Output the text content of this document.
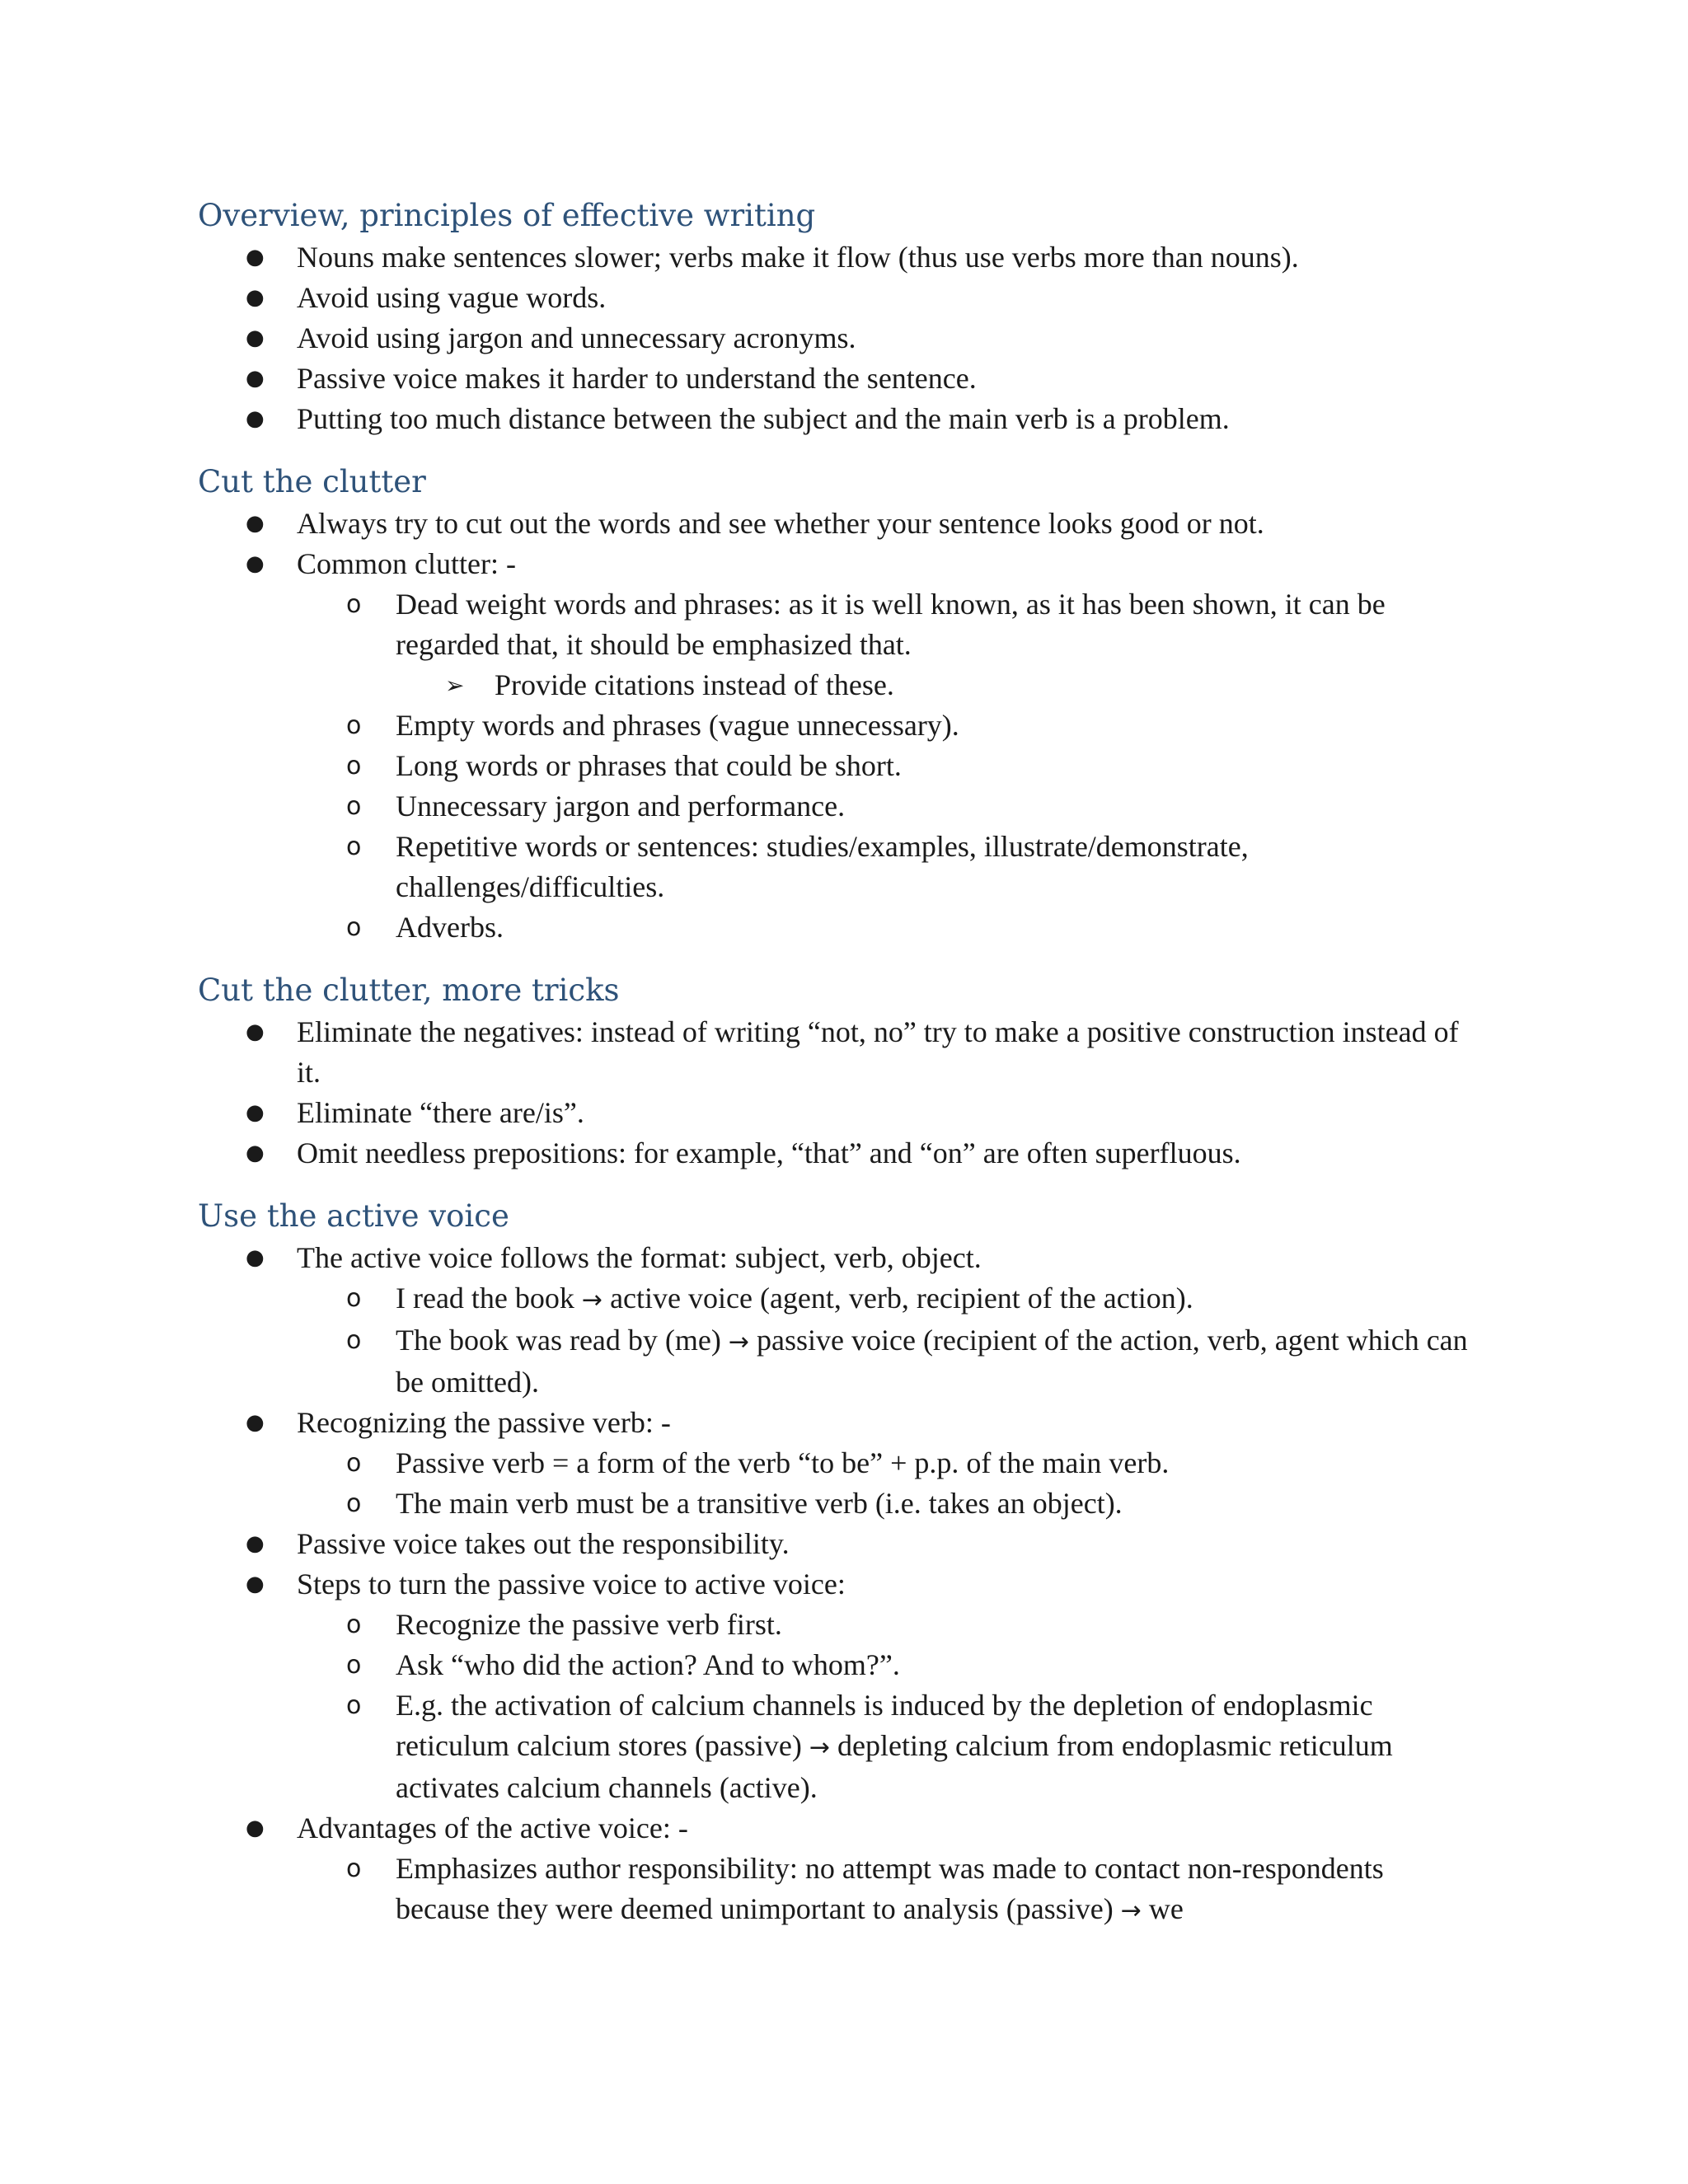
Overview, principles of effective writing
● Nouns make sentences slower; verbs make it flow (thus use verbs more than nouns).
● Avoid using vague words.
● Avoid using jargon and unnecessary acronyms.
● Passive voice makes it harder to understand the sentence.
● Putting too much distance between the subject and the main verb is a problem.
Cut the clutter
● Always try to cut out the words and see whether your sentence looks good or not.
● Common clutter: -
o Dead weight words and phrases: as it is well known, as it has been shown, it can be regarded that, it should be emphasized that.
➢ Provide citations instead of these.
o Empty words and phrases (vague unnecessary).
o Long words or phrases that could be short.
o Unnecessary jargon and performance.
o Repetitive words or sentences: studies/examples, illustrate/demonstrate, challenges/difficulties.
o Adverbs.
Cut the clutter, more tricks
● Eliminate the negatives: instead of writing “not, no” try to make a positive construction instead of it.
● Eliminate “there are/is”.
● Omit needless prepositions: for example, “that” and “on” are often superfluous.
Use the active voice
● The active voice follows the format: subject, verb, object.
o I read the book → active voice (agent, verb, recipient of the action).
o The book was read by (me) → passive voice (recipient of the action, verb, agent which can be omitted).
● Recognizing the passive verb: -
o Passive verb = a form of the verb “to be” + p.p. of the main verb.
o The main verb must be a transitive verb (i.e. takes an object).
● Passive voice takes out the responsibility.
● Steps to turn the passive voice to active voice:
o Recognize the passive verb first.
o Ask “who did the action? And to whom?”.
o E.g. the activation of calcium channels is induced by the depletion of endoplasmic reticulum calcium stores (passive) → depleting calcium from endoplasmic reticulum activates calcium channels (active).
● Advantages of the active voice: -
o Emphasizes author responsibility: no attempt was made to contact non-respondents because they were deemed unimportant to analysis (passive) → we
